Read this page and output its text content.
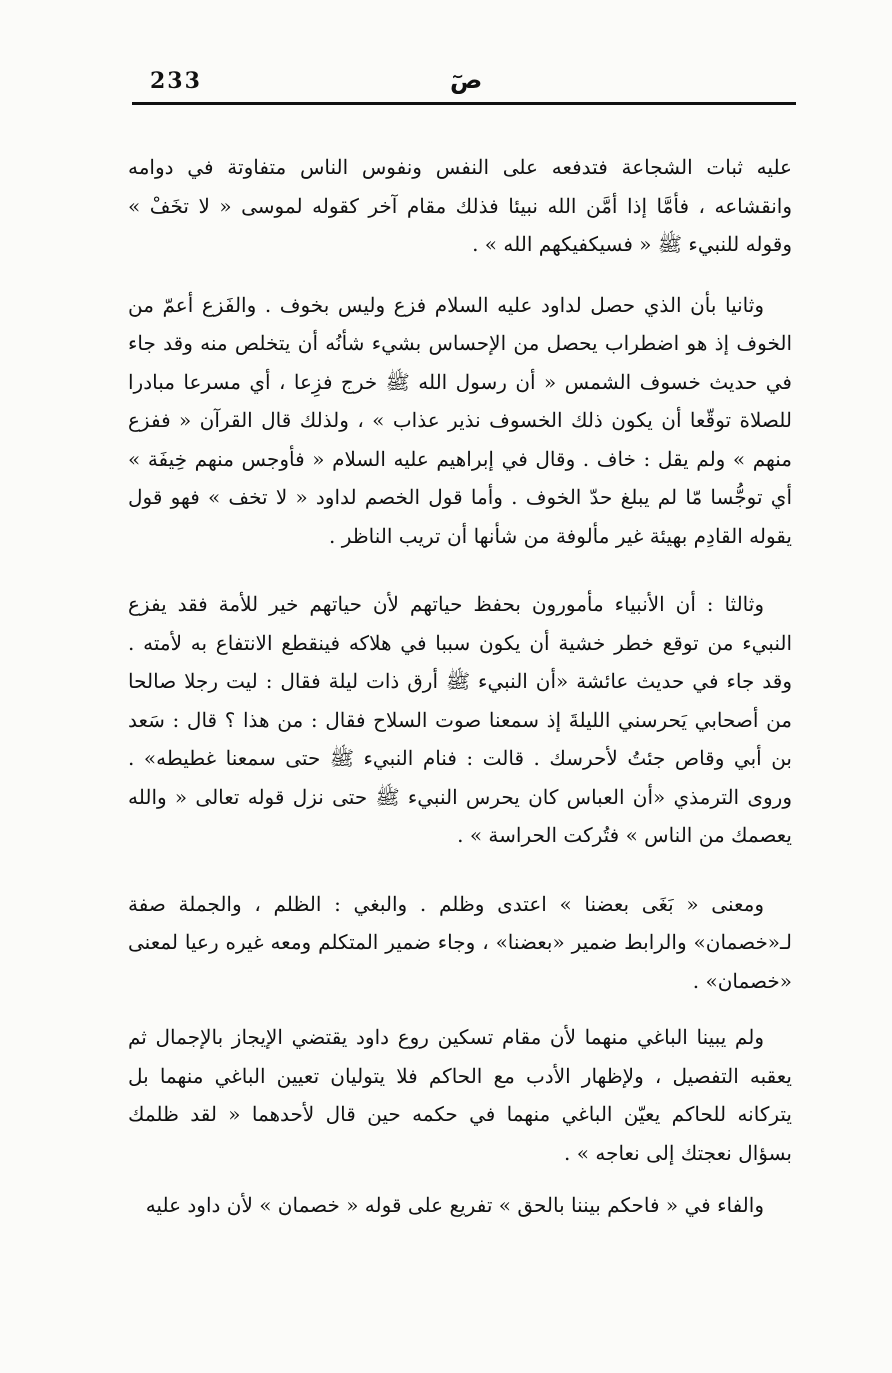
233	صٓ

عليه ثبات الشجاعة فتدفعه على النفس ونفوس الناس متفاوتة في دوامه وانقشاعه ، فأمَّا إذا أمَّن الله نبيئا فذلك مقام آخر كقوله لموسى « لا تخَفْ » وقوله للنبيء ﷺ « فسيكفيكهم الله » .

وثانيا بأن الذي حصل لداود عليه السلام فزع وليس بخوف . والفَزع أعمّ من الخوف إذ هو اضطراب يحصل من الإحساس بشيء شأنُه أن يتخلص منه وقد جاء في حديث خسوف الشمس « أن رسول الله ﷺ خرج فزِعا ، أي مسرعا مبادرا للصلاة توقّعا أن يكون ذلك الخسوف نذير عذاب » ، ولذلك قال القرآن « ففزع منهم » ولم يقل : خاف . وقال في إبراهيم عليه السلام « فأوجس منهم خِيفَة » أي توجُّسا مّا لم يبلغ حدّ الخوف . وأما قول الخصم لداود « لا تخف » فهو قول يقوله القادِم بهيئة غير مألوفة من شأنها أن تريب الناظر .

وثالثا : أن الأنبياء مأمورون بحفظ حياتهم لأن حياتهم خير للأمة فقد يفزع النبيء من توقع خطر خشية أن يكون سببا في هلاكه فينقطع الانتفاع به لأمته . وقد جاء في حديث عائشة «أن النبيء ﷺ أرق ذات ليلة فقال : ليت رجلا صالحا من أصحابي يَحرسني الليلةَ إذ سمعنا صوت السلاح فقال : من هذا ؟ قال : سَعد بن أبي وقاص جئتُ لأحرسك . قالت : فنام النبيء ﷺ حتى سمعنا غطيطه» . وروى الترمذي «أن العباس كان يحرس النبيء ﷺ حتى نزل قوله تعالى « والله يعصمك من الناس » فتُركت الحراسة » .

ومعنى « بَغَى بعضنا » اعتدى وظلم . والبغي : الظلم ، والجملة صفة لـ«خصمان» والرابط ضمير «بعضنا» ، وجاء ضمير المتكلم ومعه غيره رعيا لمعنى «خصمان» .

ولم يبينا الباغي منهما لأن مقام تسكين روع داود يقتضي الإيجاز بالإجمال ثم يعقبه التفصيل ، ولإظهار الأدب مع الحاكم فلا يتوليان تعيين الباغي منهما بل يتركانه للحاكم يعيّن الباغي منهما في حكمه حين قال لأحدهما « لقد ظلمك بسؤال نعجتك إلى نعاجه » .

والفاء في « فاحكم بيننا بالحق » تفريع على قوله « خصمان » لأن داود عليه
